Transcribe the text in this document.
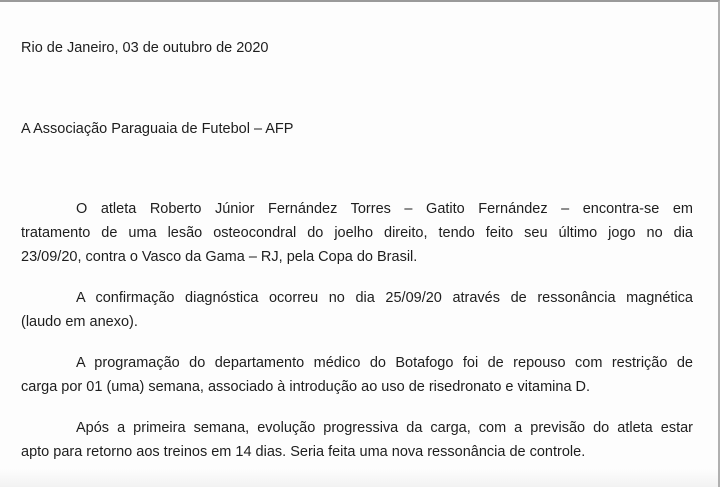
Rio de Janeiro, 03 de outubro de 2020

A Associação Paraguaia de Futebol – AFP

O atleta Roberto Júnior Fernández Torres – Gatito Fernández – encontra-se em

tratamento de uma lesão osteocondral do joelho direito, tendo feito seu último jogo no dia

23/09/20, contra o Vasco da Gama – RJ, pela Copa do Brasil.

A confirmação diagnóstica ocorreu no dia 25/09/20 através de ressonância magnética

(laudo em anexo).

A programação do departamento médico do Botafogo foi de repouso com restrição de

carga por 01 (uma) semana, associado à introdução ao uso de risedronato e vitamina D.

Após a primeira semana, evolução progressiva da carga, com a previsão do atleta estar

apto para retorno aos treinos em 14 dias. Seria feita uma nova ressonância de controle.
